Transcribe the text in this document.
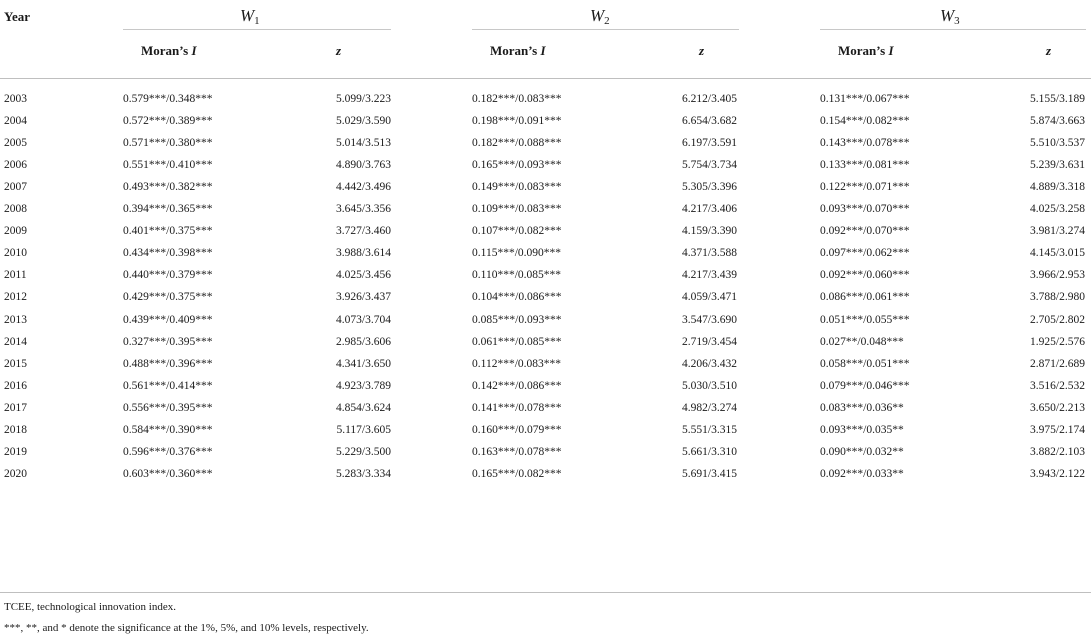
Year	$W_1$	$W_2$	$W_3$
Moran’s I	z	Moran’s I	z	Moran’s I	z
2003	0.579***/0.348***	5.099/3.223	0.182***/0.083***	6.212/3.405	0.131***/0.067***	5.155/3.189
2004	0.572***/0.389***	5.029/3.590	0.198***/0.091***	6.654/3.682	0.154***/0.082***	5.874/3.663
2005	0.571***/0.380***	5.014/3.513	0.182***/0.088***	6.197/3.591	0.143***/0.078***	5.510/3.537
2006	0.551***/0.410***	4.890/3.763	0.165***/0.093***	5.754/3.734	0.133***/0.081***	5.239/3.631
2007	0.493***/0.382***	4.442/3.496	0.149***/0.083***	5.305/3.396	0.122***/0.071***	4.889/3.318
2008	0.394***/0.365***	3.645/3.356	0.109***/0.083***	4.217/3.406	0.093***/0.070***	4.025/3.258
2009	0.401***/0.375***	3.727/3.460	0.107***/0.082***	4.159/3.390	0.092***/0.070***	3.981/3.274
2010	0.434***/0.398***	3.988/3.614	0.115***/0.090***	4.371/3.588	0.097***/0.062***	4.145/3.015
2011	0.440***/0.379***	4.025/3.456	0.110***/0.085***	4.217/3.439	0.092***/0.060***	3.966/2.953
2012	0.429***/0.375***	3.926/3.437	0.104***/0.086***	4.059/3.471	0.086***/0.061***	3.788/2.980
2013	0.439***/0.409***	4.073/3.704	0.085***/0.093***	3.547/3.690	0.051***/0.055***	2.705/2.802
2014	0.327***/0.395***	2.985/3.606	0.061***/0.085***	2.719/3.454	0.027**/0.048***	1.925/2.576
2015	0.488***/0.396***	4.341/3.650	0.112***/0.083***	4.206/3.432	0.058***/0.051***	2.871/2.689
2016	0.561***/0.414***	4.923/3.789	0.142***/0.086***	5.030/3.510	0.079***/0.046***	3.516/2.532
2017	0.556***/0.395***	4.854/3.624	0.141***/0.078***	4.982/3.274	0.083***/0.036**	3.650/2.213
2018	0.584***/0.390***	5.117/3.605	0.160***/0.079***	5.551/3.315	0.093***/0.035**	3.975/2.174
2019	0.596***/0.376***	5.229/3.500	0.163***/0.078***	5.661/3.310	0.090***/0.032**	3.882/2.103
2020	0.603***/0.360***	5.283/3.334	0.165***/0.082***	5.691/3.415	0.092***/0.033**	3.943/2.122
TCEE, technological innovation index.
***, **, and * denote the significance at the 1%, 5%, and 10% levels, respectively.
